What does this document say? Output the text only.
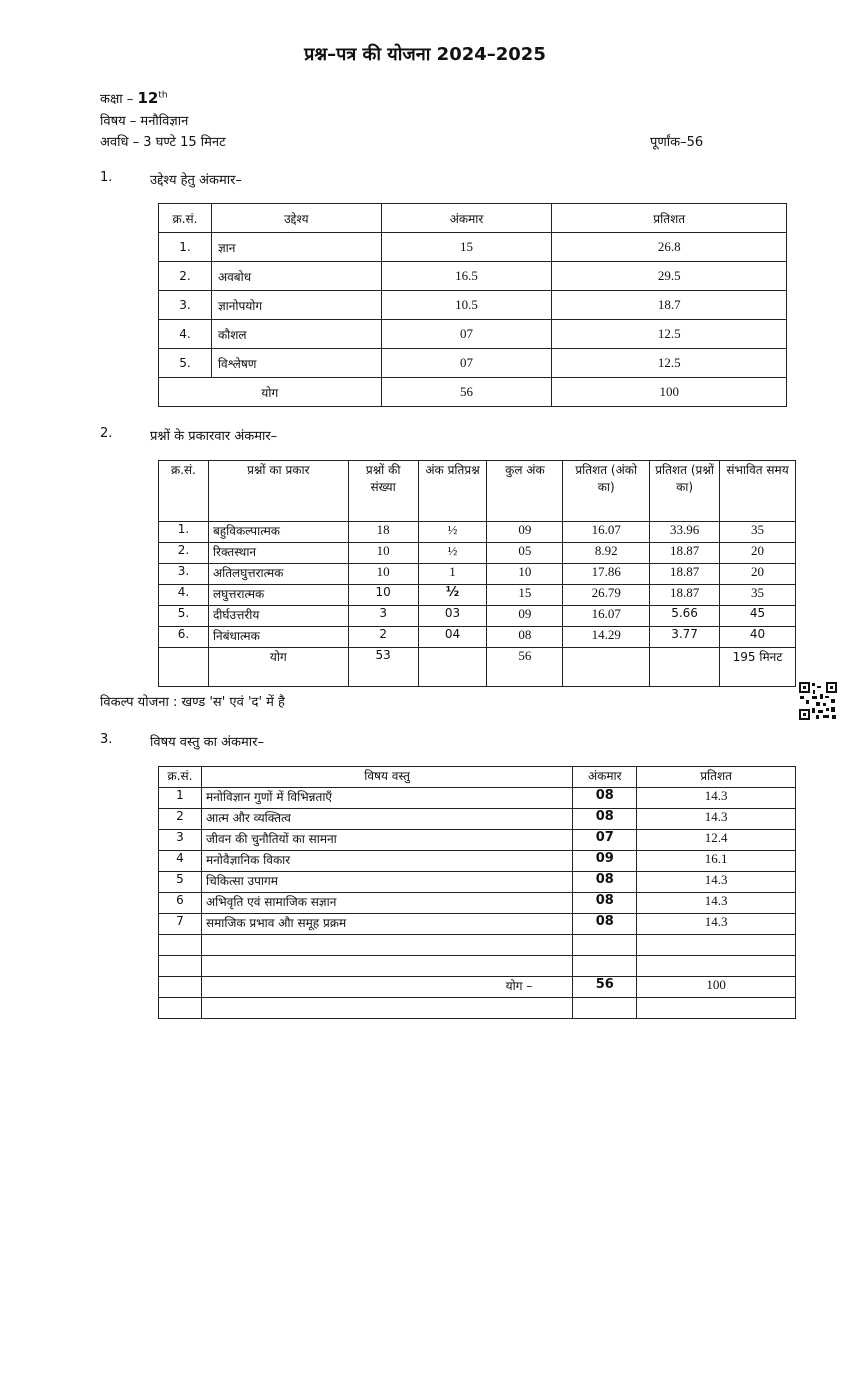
प्रश्न–पत्र की योजना 2024–2025
कक्षा – 12th
विषय – मनौविज्ञान
अवधि – 3 घण्टे 15 मिनट	पूर्णांक–56
1.	उद्देश्य हेतु अंकमार–
क्र.सं.	उद्देश्य	अंकमार	प्रतिशत
1.	ज्ञान	15	26.8
2.	अवबोध	16.5	29.5
3.	ज्ञानोपयोग	10.5	18.7
4.	कौशल	07	12.5
5.	विश्लेषण	07	12.5
योग		56	100
2.	प्रश्नों के प्रकारवार अंकमार–
क्र.सं.	प्रश्नों का प्रकार	प्रश्नों की संख्या	अंक प्रतिप्रश्न	कुल अंक	प्रतिशत (अंको का)	प्रतिशत (प्रश्नों का)	संभावित समय
1.	बहुविकल्पात्मक	18	½	09	16.07	33.96	35
2.	रिक्तस्थान	10	½	05	8.92	18.87	20
3.	अतिलघुत्तरात्मक	10	1	10	17.86	18.87	20
4.	लघुत्तरात्मक	10	½	15	26.79	18.87	35
5.	दीर्घउत्तरीय	3	03	09	16.07	5.66	45
6.	निबंधात्मक	2	04	08	14.29	3.77	40
	योग	53		56			195 मिनट
विकल्प योजना : खण्ड 'स' एवं 'द' में है
3.	विषय वस्तु का अंकमार–
क्र.सं.	विषय वस्तु	अंकमार	प्रतिशत
1	मनोविज्ञान गुणों में विभिन्नताएँ	08	14.3
2	आत्म और व्यक्तित्व	08	14.3
3	जीवन की चुनौतियों का सामना	07	12.4
4	मनोवैज्ञानिक विकार	09	16.1
5	चिकित्सा उपागम	08	14.3
6	अभिवृति एवं सामाजिक सज्ञान	08	14.3
7	समाजिक प्रभाव औा समूह प्रक्रम	08	14.3

	योग –	56	100
